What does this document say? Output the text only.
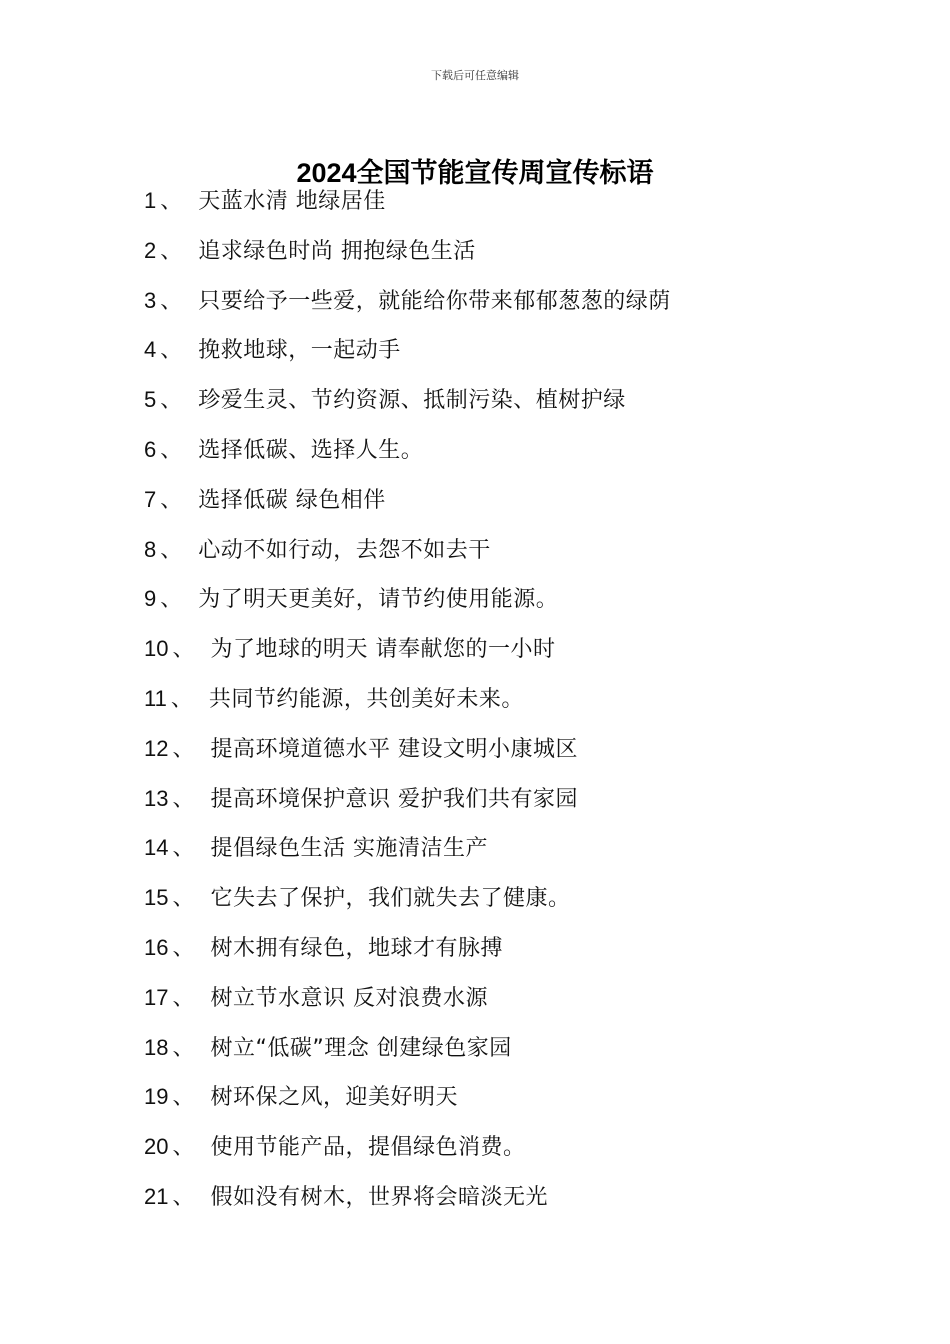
下载后可任意编辑
2024全国节能宣传周宣传标语
1 、 天蓝水清 地绿居佳
2 、 追求绿色时尚 拥抱绿色生活
3 、 只要给予一些爱，就能给你带来郁郁葱葱的绿荫
4 、 挽救地球，一起动手
5 、 珍爱生灵、节约资源、抵制污染、植树护绿
6 、 选择低碳、选择人生。
7 、 选择低碳 绿色相伴
8 、 心动不如行动，去怨不如去干
9 、 为了明天更美好，请节约使用能源。
10 、 为了地球的明天 请奉献您的一小时
11 、 共同节约能源，共创美好未来。
12 、 提高环境道德水平 建设文明小康城区
13 、 提高环境保护意识 爱护我们共有家园
14 、 提倡绿色生活 实施清洁生产
15 、 它失去了保护，我们就失去了健康。
16 、 树木拥有绿色，地球才有脉搏
17 、 树立节水意识 反对浪费水源
18 、 树立“低碳”理念 创建绿色家园
19 、 树环保之风，迎美好明天
20 、 使用节能产品，提倡绿色消费。
21 、 假如没有树木，世界将会暗淡无光
